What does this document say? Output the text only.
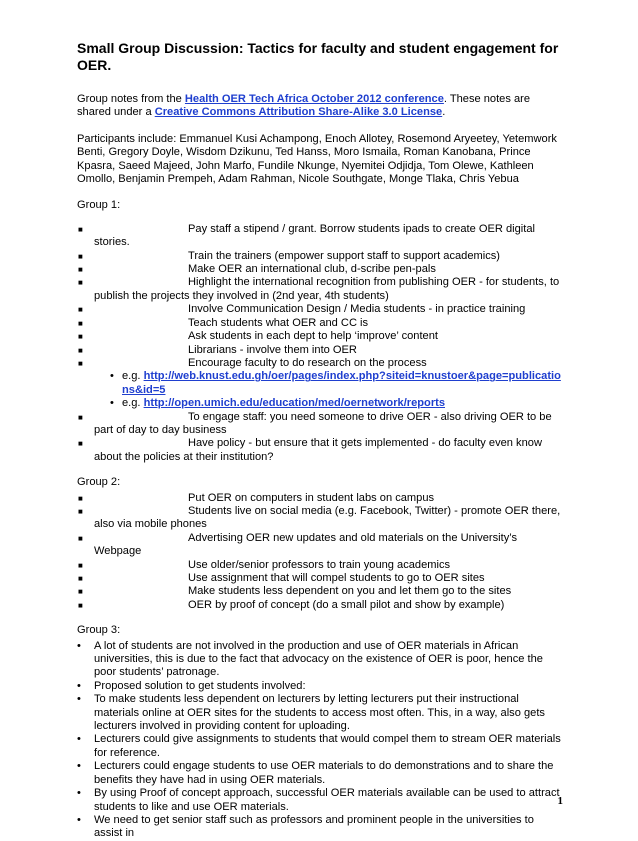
Small Group Discussion: Tactics for faculty and student engagement for OER.

Group notes from the Health OER Tech Africa October 2012 conference. These notes are shared under a Creative Commons Attribution Share-Alike 3.0 License.

Participants include: Emmanuel Kusi Achampong, Enoch Allotey, Rosemond Aryeetey, Yetemwork Benti, Gregory Doyle, Wisdom Dzikunu, Ted Hanss, Moro Ismaila, Roman Kanobana, Prince Kpasra, Saeed Majeed, John Marfo, Fundile Nkunge, Nyemitei Odjidja, Tom Olewe, Kathleen Omollo, Benjamin Prempeh, Adam Rahman, Nicole Southgate, Monge Tlaka, Chris Yebua

Group 1:
■	Pay staff a stipend / grant. Borrow students ipads to create OER digital stories.
■	Train the trainers (empower support staff to support academics)
■	Make OER an international club, d-scribe pen-pals
■	Highlight the international recognition from publishing OER - for students, to publish the projects they involved in (2nd year, 4th students)
■	Involve Communication Design / Media students - in practice training
■	Teach students what OER and CC is
■	Ask students in each dept to help ‘improve’ content
■	Librarians - involve them into OER
■	Encourage faculty to do research on the process
• e.g. http://web.knust.edu.gh/oer/pages/index.php?siteid=knustoer&page=publications&id=5
• e.g. http://open.umich.edu/education/med/oernetwork/reports
■	To engage staff: you need someone to drive OER - also driving OER to be part of day to day business
■	Have policy - but ensure that it gets implemented - do faculty even know about the policies at their institution?
Group 2:
■	Put OER on computers in student labs on campus
■	Students live on social media (e.g. Facebook, Twitter) - promote OER there, also via mobile phones
■	Advertising OER new updates and old materials on the University’s Webpage
■	Use older/senior professors to train young academics
■	Use assignment that will compel students to go to OER sites
■	Make students less dependent on you and let them go to the sites
■	OER by proof of concept (do a small pilot and show by example)
Group 3:
• A lot of students are not involved in the production and use of OER materials in African universities, this is due to the fact that advocacy on the existence of OER is poor, hence the poor students’ patronage.
• Proposed solution to get students involved:
• To make students less dependent on lecturers by letting lecturers put their instructional materials online at OER sites for the students to access most often. This, in a way, also gets lecturers involved in providing content for uploading.
• Lecturers could give assignments to students that would compel them to stream OER materials for reference.
• Lecturers could engage students to use OER materials to do demonstrations and to share the benefits they have had in using OER materials.
• By using Proof of concept approach, successful OER materials available can be used to attract students to like and use OER materials.
• We need to get senior staff such as professors and prominent people in the universities to assist in
1
